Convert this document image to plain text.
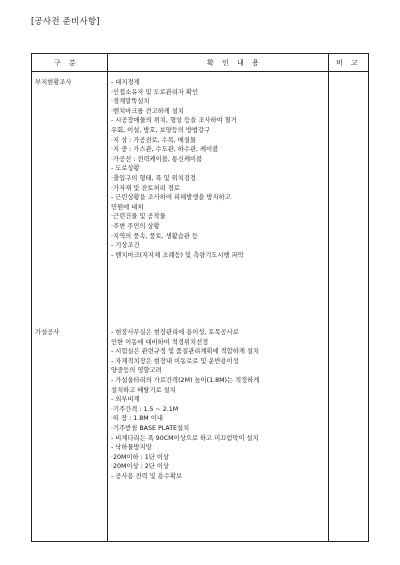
[공사전 준비사항]
구 분	확 인 내 용	비 고
부지현황조사	- 대지경계
·인접소유자 및 도로관리자 확인
·경계말뚝설치
·벤치마크를 견고하게 설치
- 시공장애물의 위치, 형상 등을 조사하여 철거
우회, 이설, 방호, 보양등의 방법강구
·지 상 : 가공전로, 수목, 매설물
·지 중 : 가스관, 수도관, 하수관, 케이블
·가공선 : 전력케이블, 통신케이블
- 도로상황
·출입구의 형태, 폭 및 위치검정
·가자재 및 잔토처리 경로
- 근린상황을 조사하여 피해발생을 방지하고
민원에 대처
·근린건물 및 공작물
·주변 주민의 상황
·지역의 풍속, 풍토, 생활습관 등
- 기상조건
- 벤치마크(지자체 조례등) 및 측량기도시행 파악
가설공사	- 현장사무실은 현장관리에 용이성, 토목공사로
인한 이동에 대비하여 적정위치선정
- 시험실은 관련규정 및 품질관리계획에 적합하게 설치
- 자재적치장은 현장내 이동로로 및 운반용이성
양중등의 영향고려
- 가설울타리의 가로간격(2M) 높이(1.8M)는 적정하게
설치하고 배탈기로 설치
- 외부비계
·기주간격 : 1.5 ~ 2.1M
·띠 장 : 1.8M 이내
·기주받침 BASE PLATE설치
- 비계다리는 폭 90CM이상으로 하고 미끄럼막이 설치
- 낙하물방지망
·20M이하 : 1단 이상
·20M이상 : 2단 이상
- 공사용 전력 및 용수확보
